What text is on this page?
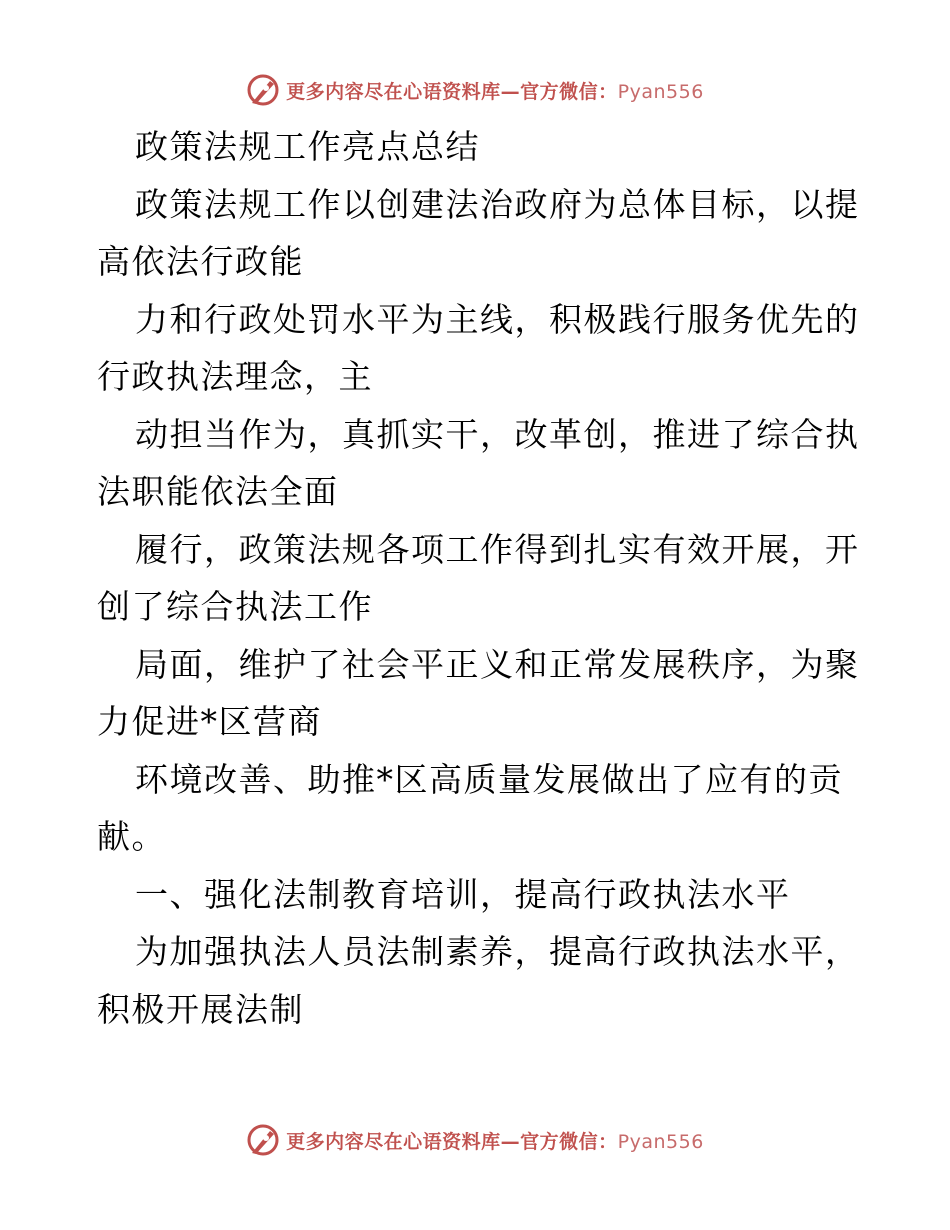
更多内容尽在心语资料库—官方微信：Pyan556
政策法规工作亮点总结
政策法规工作以创建法治政府为总体目标，以提
高依法行政能
力和行政处罚水平为主线，积极践行服务优先的
行政执法理念，主
动担当作为，真抓实干，改革创，推进了综合执
法职能依法全面
履行，政策法规各项工作得到扎实有效开展，开
创了综合执法工作
局面，维护了社会平正义和正常发展秩序，为聚
力促进*区营商
环境改善、助推*区高质量发展做出了应有的贡
献。
一、强化法制教育培训，提高行政执法水平
为加强执法人员法制素养，提高行政执法水平，
积极开展法制
更多内容尽在心语资料库—官方微信：Pyan556
